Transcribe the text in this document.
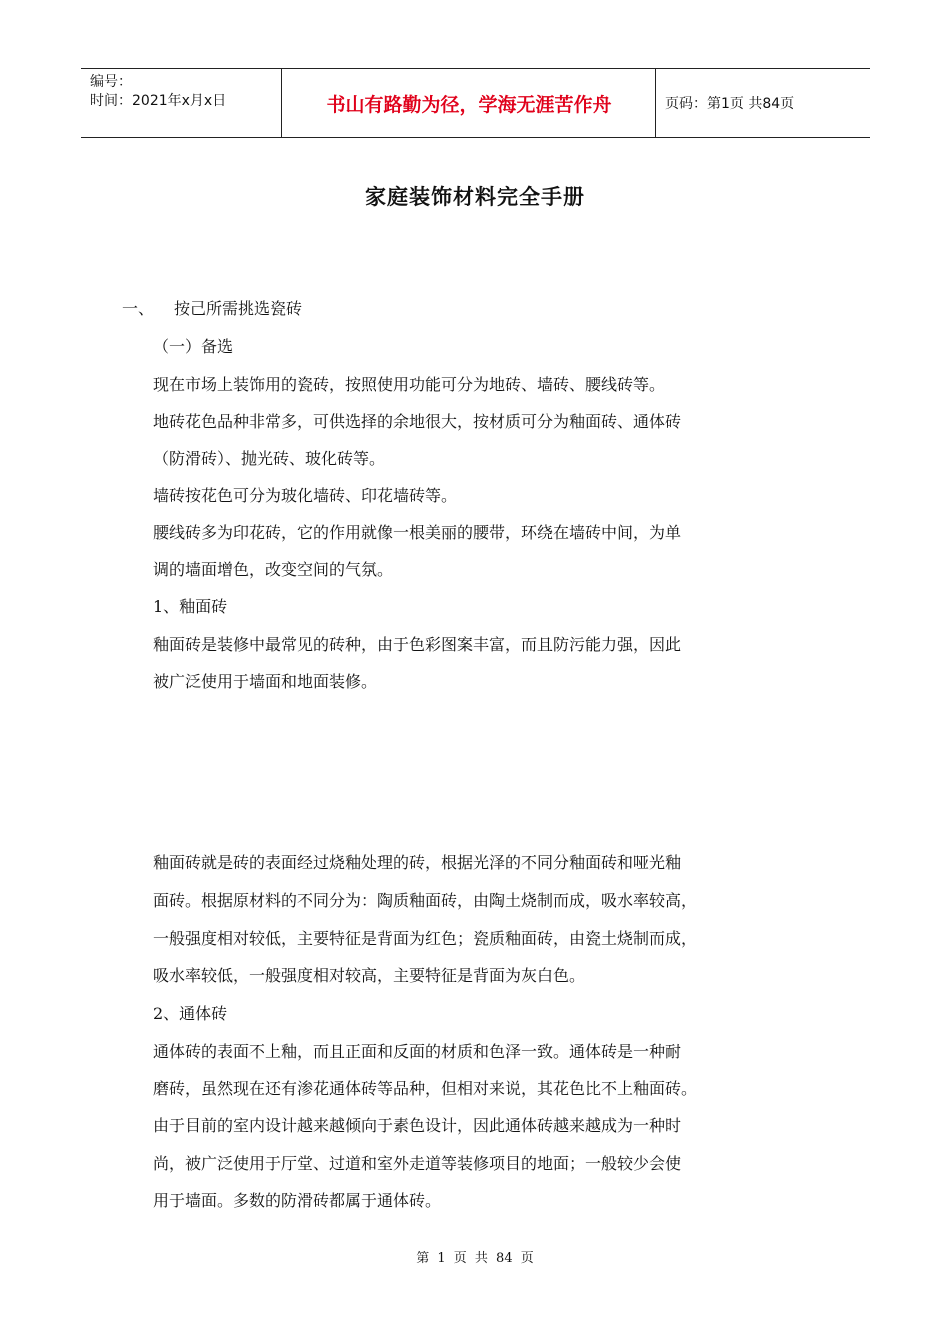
编号：
时间：2021年x月x日	书山有路勤为径，学海无涯苦作舟	页码：第1页 共84页
家庭装饰材料完全手册
一、 按己所需挑选瓷砖
（一）备选
现在市场上装饰用的瓷砖，按照使用功能可分为地砖、墙砖、腰线砖等。
地砖花色品种非常多，可供选择的余地很大，按材质可分为釉面砖、通体砖
（防滑砖）、抛光砖、玻化砖等。
墙砖按花色可分为玻化墙砖、印花墙砖等。
腰线砖多为印花砖，它的作用就像一根美丽的腰带，环绕在墙砖中间，为单
调的墙面增色，改变空间的气氛。
1、釉面砖
釉面砖是装修中最常见的砖种，由于色彩图案丰富，而且防污能力强，因此
被广泛使用于墙面和地面装修。
釉面砖就是砖的表面经过烧釉处理的砖，根据光泽的不同分釉面砖和哑光釉
面砖。根据原材料的不同分为：陶质釉面砖，由陶土烧制而成，吸水率较高，
一般强度相对较低，主要特征是背面为红色；瓷质釉面砖，由瓷土烧制而成，
吸水率较低，一般强度相对较高，主要特征是背面为灰白色。
2、通体砖
通体砖的表面不上釉，而且正面和反面的材质和色泽一致。通体砖是一种耐
磨砖，虽然现在还有渗花通体砖等品种，但相对来说，其花色比不上釉面砖。
由于目前的室内设计越来越倾向于素色设计，因此通体砖越来越成为一种时
尚，被广泛使用于厅堂、过道和室外走道等装修项目的地面；一般较少会使
用于墙面。多数的防滑砖都属于通体砖。
第 1 页 共 84 页
